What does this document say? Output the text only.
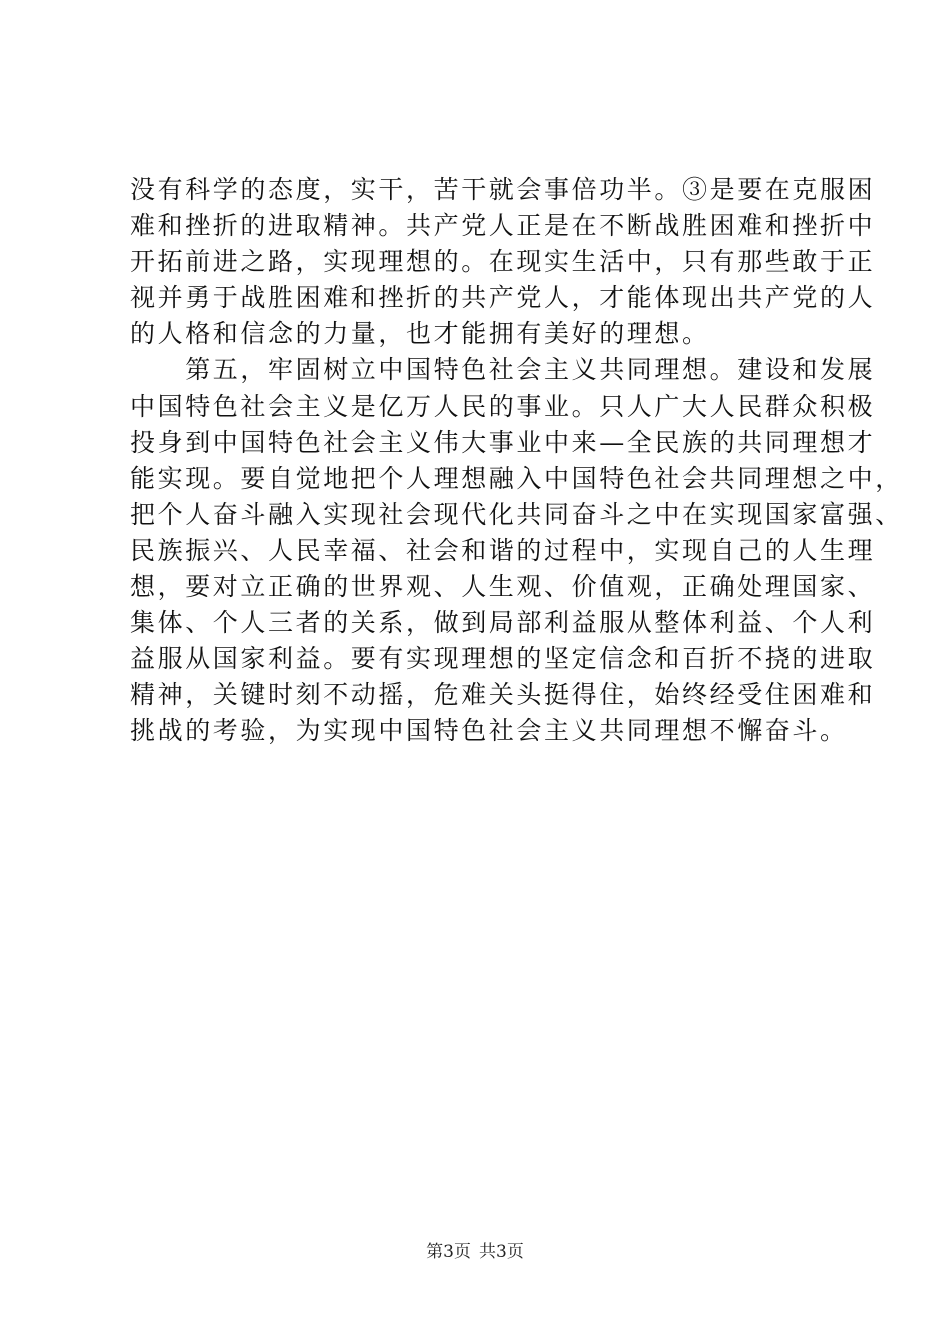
没有科学的态度，实干，苦干就会事倍功半。③是要在克服困
难和挫折的进取精神。共产党人正是在不断战胜困难和挫折中
开拓前进之路，实现理想的。在现实生活中，只有那些敢于正
视并勇于战胜困难和挫折的共产党人，才能体现出共产党的人
的人格和信念的力量，也才能拥有美好的理想。
　　第五，牢固树立中国特色社会主义共同理想。建设和发展
中国特色社会主义是亿万人民的事业。只人广大人民群众积极
投身到中国特色社会主义伟大事业中来—全民族的共同理想才
能实现。要自觉地把个人理想融入中国特色社会共同理想之中，
把个人奋斗融入实现社会现代化共同奋斗之中在实现国家富强、
民族振兴、人民幸福、社会和谐的过程中，实现自己的人生理
想，要对立正确的世界观、人生观、价值观，正确处理国家、
集体、个人三者的关系，做到局部利益服从整体利益、个人利
益服从国家利益。要有实现理想的坚定信念和百折不挠的进取
精神，关键时刻不动摇，危难关头挺得住，始终经受住困难和
挑战的考验，为实现中国特色社会主义共同理想不懈奋斗。
第3页 共3页
